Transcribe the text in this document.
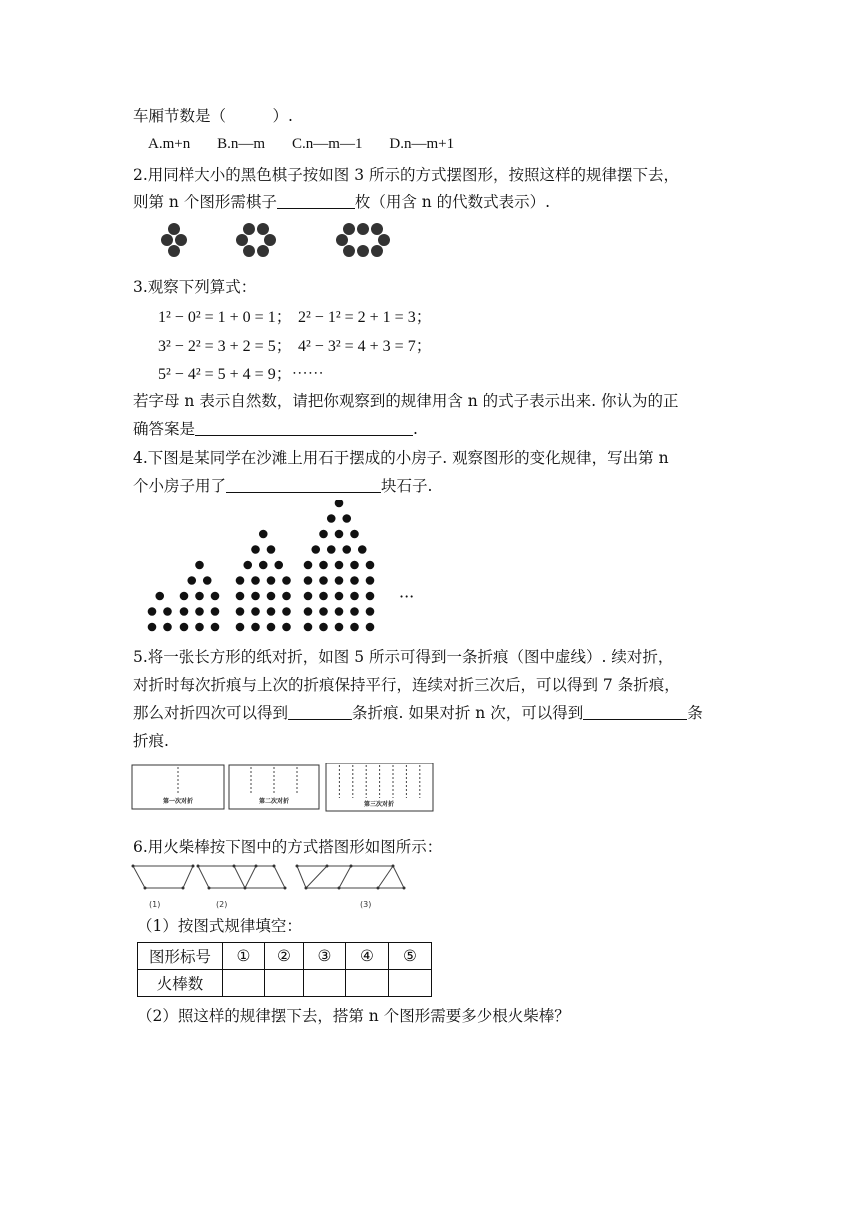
车厢节数是（　　　）.
A.m+n B.n—m C.n—m—1 D.n—m+1
2.用同样大小的黑色棋子按如图 3 所示的方式摆图形，按照这样的规律摆下去，
则第 n 个图形需棋子	枚（用含 n 的代数式表示）.
3.观察下列算式：
1² − 0² = 1 + 0 = 1； 2² − 1² = 2 + 1 = 3；
3² − 2² = 3 + 2 = 5； 4² − 3² = 4 + 3 = 7；
5² − 4² = 5 + 4 = 9；⋯⋯
若字母 n 表示自然数，请把你观察到的规律用含 n 的式子表示出来. 你认为的正
确答案是	.
4.下图是某同学在沙滩上用石于摆成的小房子. 观察图形的变化规律，写出第 n
个小房子用了	块石子.
···
5.将一张长方形的纸对折，如图 5 所示可得到一条折痕（图中虚线）. 续对折，
对折时每次折痕与上次的折痕保持平行，连续对折三次后，可以得到 7 条折痕，
那么对折四次可以得到	条折痕. 如果对折 n 次，可以得到	条
折痕.
第一次对折	第二次对折	第三次对折
6.用火柴棒按下图中的方式搭图形如图所示：
(1)	(2)	(3)
（1）按图式规律填空：
图形标号	①	②	③	④	⑤
火棒数					
（2）照这样的规律摆下去，搭第 n 个图形需要多少根火柴棒？
